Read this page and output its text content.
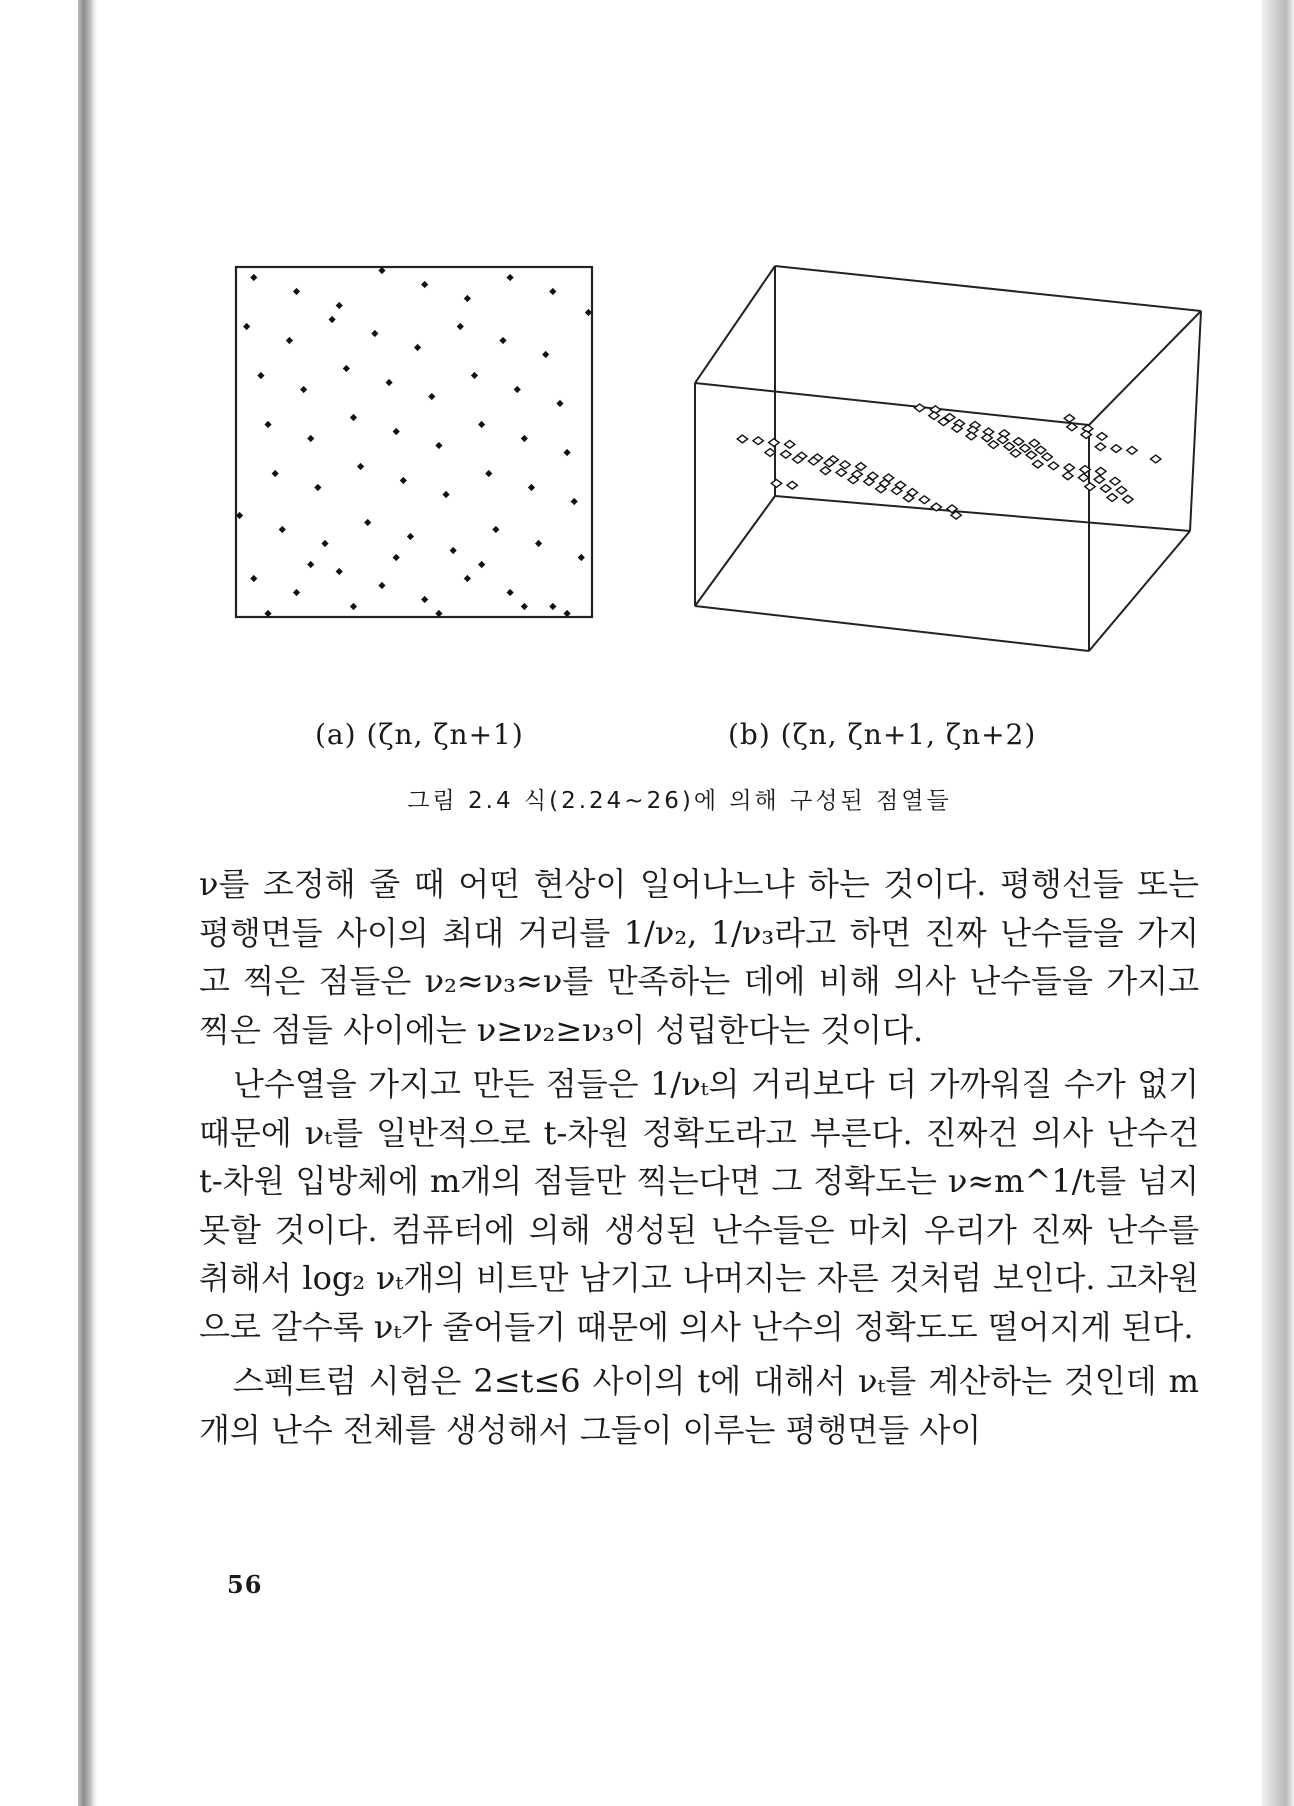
(a) (ζn, ζn+1)	(b) (ζn, ζn+1, ζn+2)
그림 2.4 식(2.24~26)에 의해 구성된 점열들

ν를 조정해 줄 때 어떤 현상이 일어나느냐 하는 것이다. 평행선들 또는 평행면들 사이의 최대 거리를 1/ν₂, 1/ν₃라고 하면 진짜 난수들을 가지고 찍은 점들은 ν₂≈ν₃≈ν를 만족하는 데에 비해 의사 난수들을 가지고 찍은 점들 사이에는 ν≥ν₂≥ν₃이 성립한다는 것이다.

난수열을 가지고 만든 점들은 1/νₜ의 거리보다 더 가까워질 수가 없기 때문에 νₜ를 일반적으로 t-차원 정확도라고 부른다. 진짜건 의사 난수건 t-차원 입방체에 m개의 점들만 찍는다면 그 정확도는 ν≈m^1/t를 넘지 못할 것이다. 컴퓨터에 의해 생성된 난수들은 마치 우리가 진짜 난수를 취해서 log₂ νₜ개의 비트만 남기고 나머지는 자른 것처럼 보인다. 고차원으로 갈수록 νₜ가 줄어들기 때문에 의사 난수의 정확도도 떨어지게 된다.

스펙트럼 시험은 2≤t≤6 사이의 t에 대해서 νₜ를 계산하는 것인데 m개의 난수 전체를 생성해서 그들이 이루는 평행면들 사이

56
